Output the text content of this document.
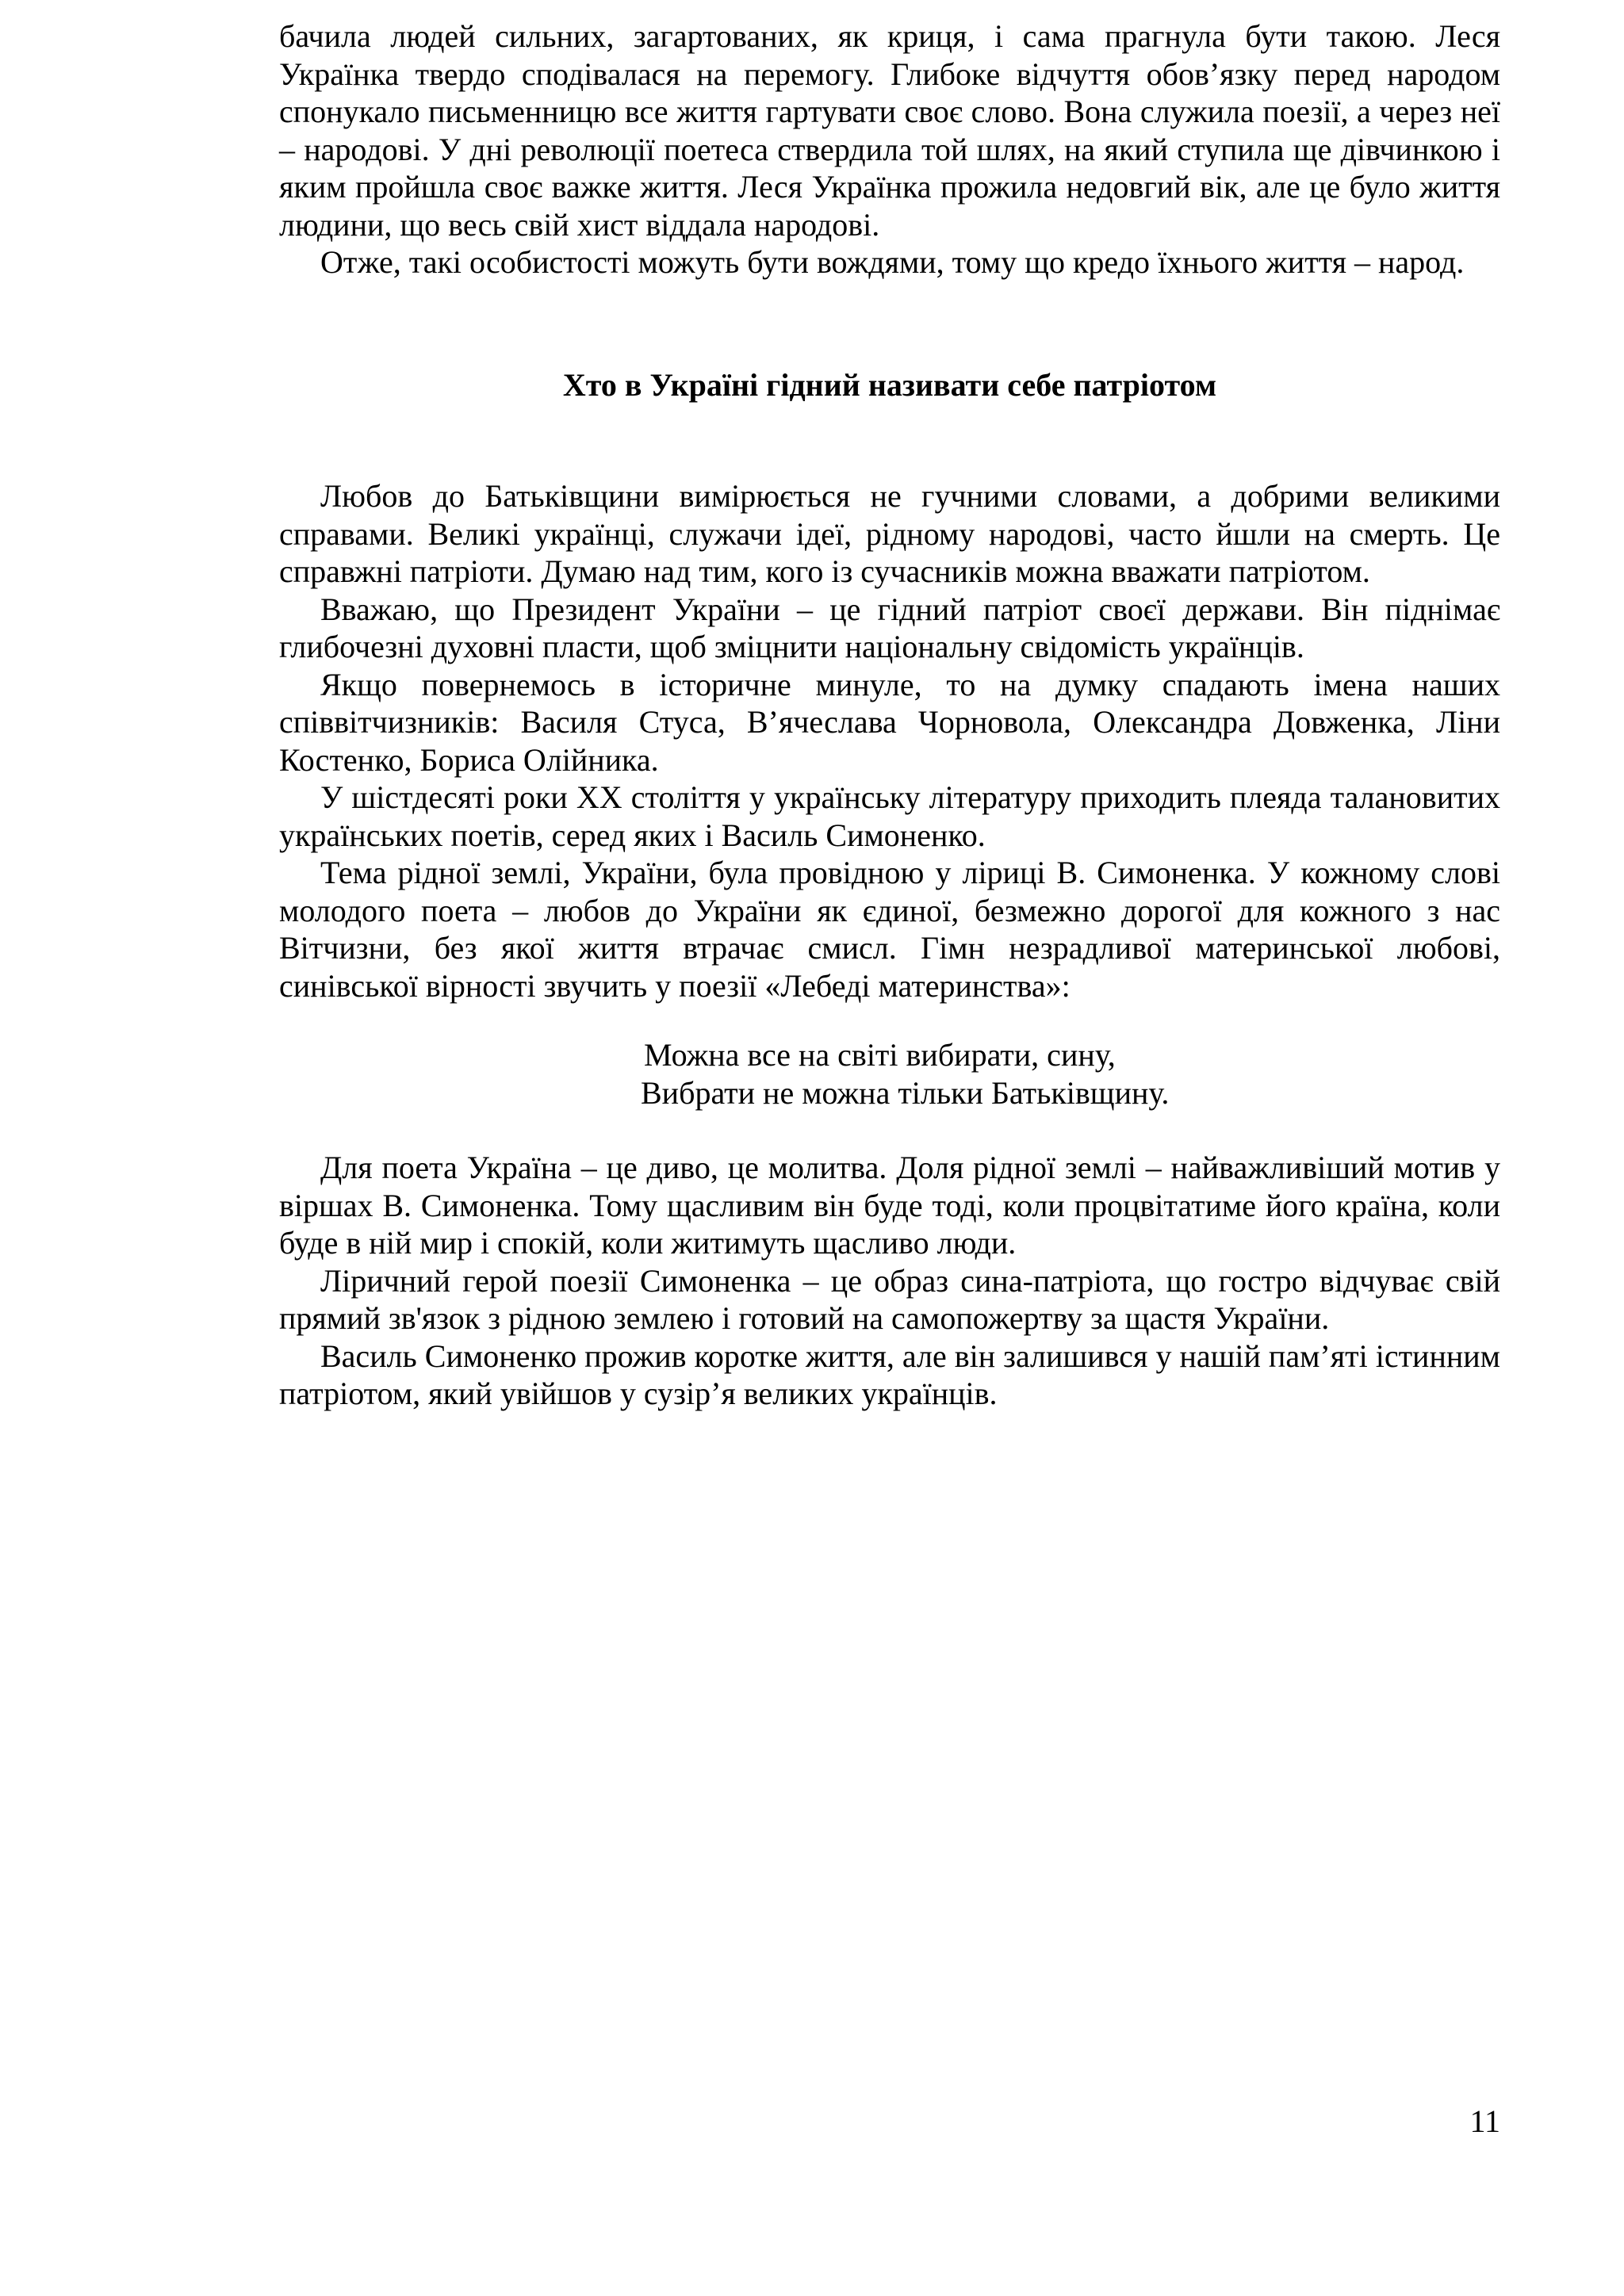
бачила людей сильних, загартованих, як криця, і сама прагнула бути такою. Леся Українка твердо сподівалася на перемогу. Глибоке відчуття обов’язку перед народом спонукало письменницю все життя гартувати своє слово. Вона служила поезії, а через неї – народові. У дні революції поетеса ствердила той шлях, на який ступила ще дівчинкою і яким пройшла своє важке життя. Леся Українка прожила недовгий вік, але це було життя людини, що весь свій хист віддала народові.

Отже, такі особистості можуть бути вождями, тому що кредо їхнього життя – народ.

Хто в Україні гідний називати себе патріотом

Любов до Батьківщини вимірюється не гучними словами, а добрими великими справами. Великі українці, служачи ідеї, рідному народові, часто йшли на смерть. Це справжні патріоти. Думаю над тим, кого із сучасників можна вважати патріотом.

Вважаю, що Президент України – це гідний патріот своєї держави. Він піднімає глибочезні духовні пласти, щоб зміцнити національну свідомість українців.

Якщо повернемось в історичне минуле, то на думку спадають імена наших співвітчизників: Василя Стуса, В’ячеслава Чорновола, Олександра Довженка, Ліни Костенко, Бориса Олійника.

У шістдесяті роки XX століття у українську літературу приходить плеяда талановитих українських поетів, серед яких і Василь Симоненко.

Тема рідної землі, України, була провідною у ліриці В. Симоненка. У кожному слові молодого поета – любов до України як єдиної, безмежно дорогої для кожного з нас Вітчизни, без якої життя втрачає смисл. Гімн незрадливої материнської любові, синівської вірності звучить у поезії «Лебеді материнства»:

Можна все на світі вибирати, сину,
Вибрати не можна тільки Батьківщину.

Для поета Україна – це диво, це молитва. Доля рідної землі – найважливіший мотив у віршах В. Симоненка. Тому щасливим він буде тоді, коли процвітатиме його країна, коли буде в ній мир і спокій, коли житимуть щасливо люди.

Ліричний герой поезії Симоненка – це образ сина-патріота, що гостро відчуває свій прямий зв'язок з рідною землею і готовий на самопожертву за щастя України.

Василь Симоненко прожив коротке життя, але він залишився у нашій пам’яті істинним патріотом, який увійшов у сузір’я великих українців.

11
